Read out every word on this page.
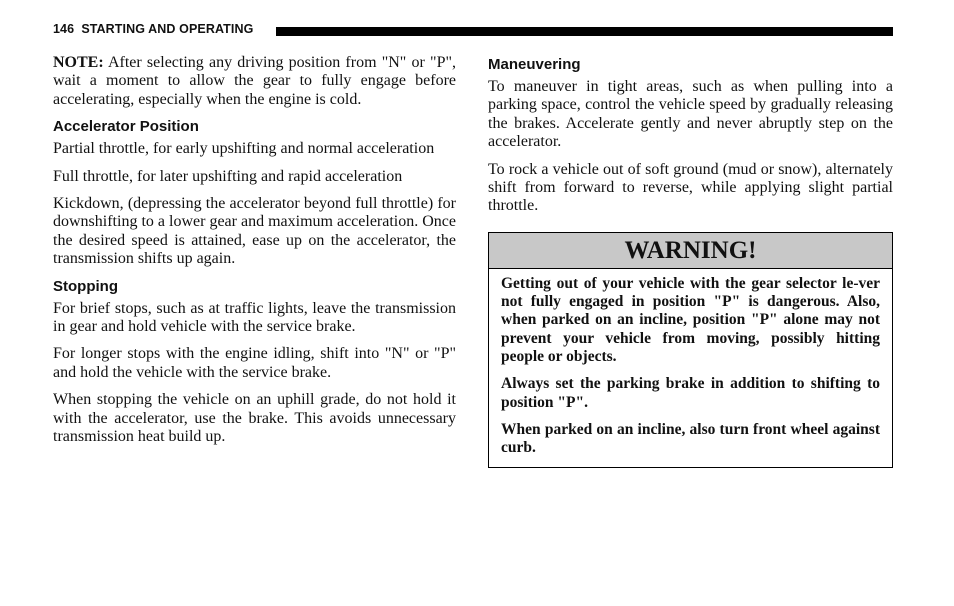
146 STARTING AND OPERATING

NOTE: After selecting any driving position from "N" or "P", wait a moment to allow the gear to fully engage before accelerating, especially when the engine is cold.

Accelerator Position

Partial throttle, for early upshifting and normal acceleration

Full throttle, for later upshifting and rapid acceleration

Kickdown, (depressing the accelerator beyond full throttle) for downshifting to a lower gear and maximum acceleration. Once the desired speed is attained, ease up on the accelerator, the transmission shifts up again.

Stopping

For brief stops, such as at traffic lights, leave the transmission in gear and hold vehicle with the service brake.

For longer stops with the engine idling, shift into "N" or "P" and hold the vehicle with the service brake.

When stopping the vehicle on an uphill grade, do not hold it with the accelerator, use the brake. This avoids unnecessary transmission heat build up.

Maneuvering

To maneuver in tight areas, such as when pulling into a parking space, control the vehicle speed by gradually releasing the brakes. Accelerate gently and never abruptly step on the accelerator.

To rock a vehicle out of soft ground (mud or snow), alternately shift from forward to reverse, while applying slight partial throttle.

WARNING!

Getting out of your vehicle with the gear selector le-ver not fully engaged in position "P" is dangerous. Also, when parked on an incline, position "P" alone may not prevent your vehicle from moving, possibly hitting people or objects.

Always set the parking brake in addition to shifting to position "P".

When parked on an incline, also turn front wheel against curb.
